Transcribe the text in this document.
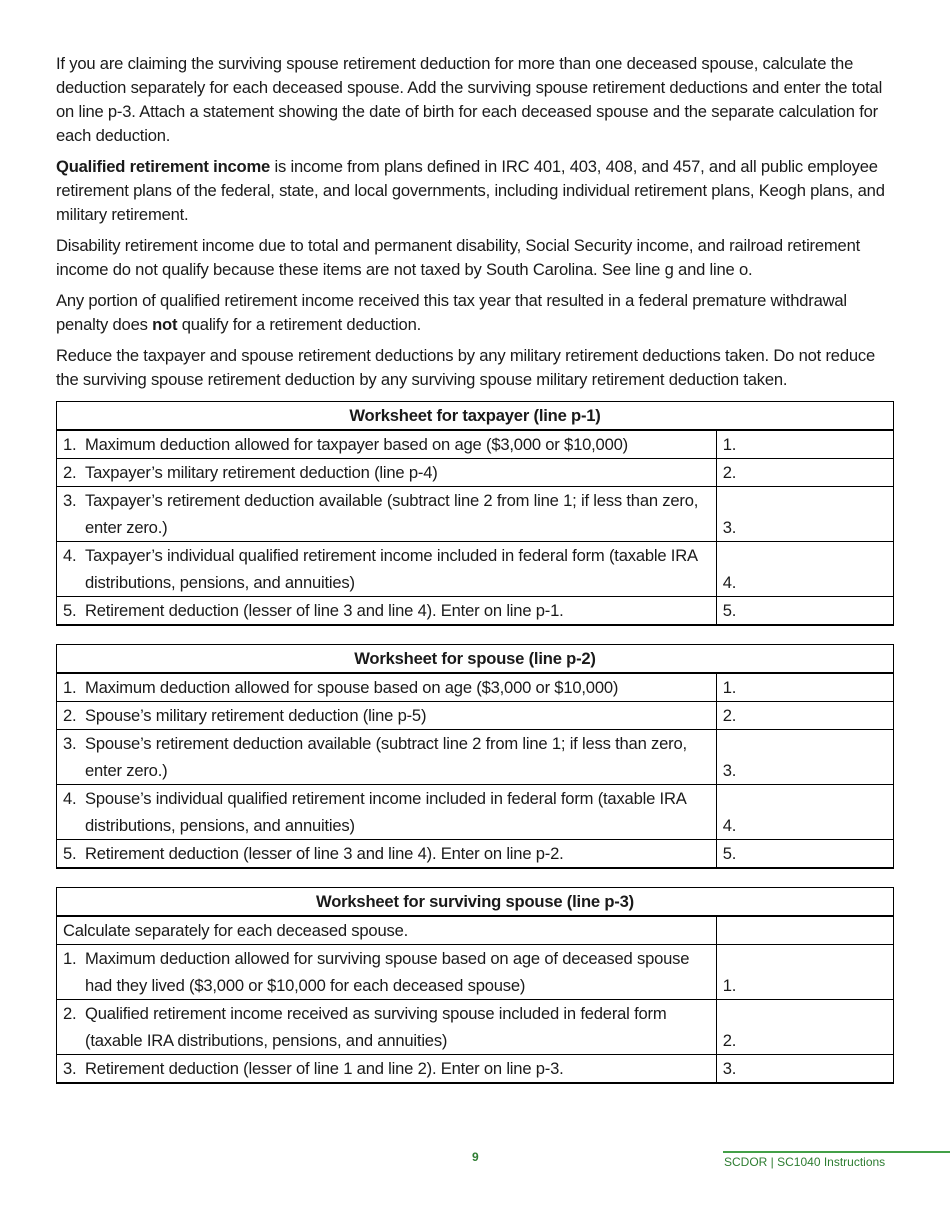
If you are claiming the surviving spouse retirement deduction for more than one deceased spouse, calculate the deduction separately for each deceased spouse. Add the surviving spouse retirement deductions and enter the total on line p-3. Attach a statement showing the date of birth for each deceased spouse and the separate calculation for each deduction.

Qualified retirement income is income from plans defined in IRC 401, 403, 408, and 457, and all public employee retirement plans of the federal, state, and local governments, including individual retirement plans, Keogh plans, and military retirement.

Disability retirement income due to total and permanent disability, Social Security income, and railroad retirement income do not qualify because these items are not taxed by South Carolina. See line g and line o.

Any portion of qualified retirement income received this tax year that resulted in a federal premature withdrawal penalty does not qualify for a retirement deduction.

Reduce the taxpayer and spouse retirement deductions by any military retirement deductions taken. Do not reduce the surviving spouse retirement deduction by any surviving spouse military retirement deduction taken.

Worksheet for taxpayer (line p-1)	

1. Maximum deduction allowed for taxpayer based on age ($3,000 or $10,000)	1.

2. Taxpayer’s military retirement deduction (line p-4)	2.

3. Taxpayer’s retirement deduction available (subtract line 2 from line 1; if less than zero, enter zero.)	3.

4. Taxpayer’s individual qualified retirement income included in federal form (taxable IRA distributions, pensions, and annuities)	4.

5. Retirement deduction (lesser of line 3 and line 4). Enter on line p-1.	5.
Worksheet for spouse (line p-2)	

1. Maximum deduction allowed for spouse based on age ($3,000 or $10,000)	1.

2. Spouse’s military retirement deduction (line p-5)	2.

3. Spouse’s retirement deduction available (subtract line 2 from line 1; if less than zero, enter zero.)	3.

4. Spouse’s individual qualified retirement income included in federal form (taxable IRA distributions, pensions, and annuities)	4.

5. Retirement deduction (lesser of line 3 and line 4). Enter on line p-2.	5.
Worksheet for surviving spouse (line p-3)	
Calculate separately for each deceased spouse.	

1. Maximum deduction allowed for surviving spouse based on age of deceased spouse had they lived ($3,000 or $10,000 for each deceased spouse)	1.

2. Qualified retirement income received as surviving spouse included in federal form (taxable IRA distributions, pensions, and annuities)	2.

3. Retirement deduction (lesser of line 1 and line 2). Enter on line p-3.	3.
9	SCDOR | SC1040 Instructions
